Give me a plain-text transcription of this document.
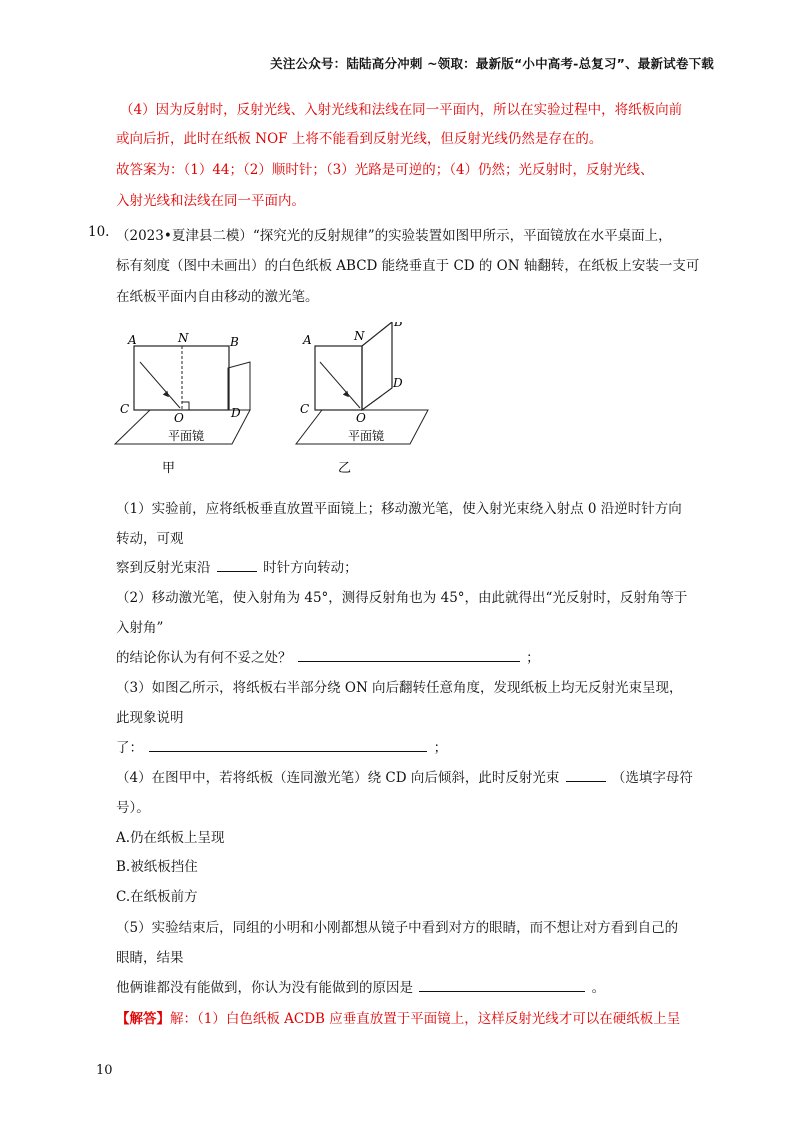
关注公众号：陆陆高分冲刺 ~领取：最新版“小中高考-总复习”、最新试卷下载
（4）因为反射时，反射光线、入射光线和法线在同一平面内，所以在实验过程中，将纸板向前
或向后折，此时在纸板 NOF 上将不能看到反射光线，但反射光线仍然是存在的。
故答案为：（1）44；（2）顺时针；（3）光路是可逆的；（4）仍然；光反射时，反射光线、
入射光线和法线在同一平面内。
10. （2023•夏津县二模）“探究光的反射规律”的实验装置如图甲所示，平面镜放在水平桌面上，
标有刻度（图中未画出）的白色纸板 ABCD 能绕垂直于 CD 的 ON 轴翻转，在纸板上安装一支可
在纸板平面内自由移动的激光笔。
A	N	B
C
O	D
平面镜
甲
A	N
B
C
O
D
平面镜
乙
（1）实验前，应将纸板垂直放置平面镜上；移动激光笔，使入射光束绕入射点 0 沿逆时针方向
转动，可观
察到反射光束沿	时针方向转动；
（2）移动激光笔，使入射角为 45°，测得反射角也为 45°，由此就得出“光反射时，反射角等于
入射角”
的结论你认为有何不妥之处？	；
（3）如图乙所示，将纸板右半部分绕 ON 向后翻转任意角度，发现纸板上均无反射光束呈现，
此现象说明
了：	；
（4）在图甲中，若将纸板（连同激光笔）绕 CD 向后倾斜，此时反射光束	（选填字母符
号）。
A.仍在纸板上呈现
B.被纸板挡住
C.在纸板前方
（5）实验结束后，同组的小明和小刚都想从镜子中看到对方的眼睛，而不想让对方看到自己的
眼睛，结果
他俩谁都没有能做到，你认为没有能做到的原因是	。
【解答】解：（1）白色纸板 ACDB 应垂直放置于平面镜上，这样反射光线才可以在硬纸板上呈
10
